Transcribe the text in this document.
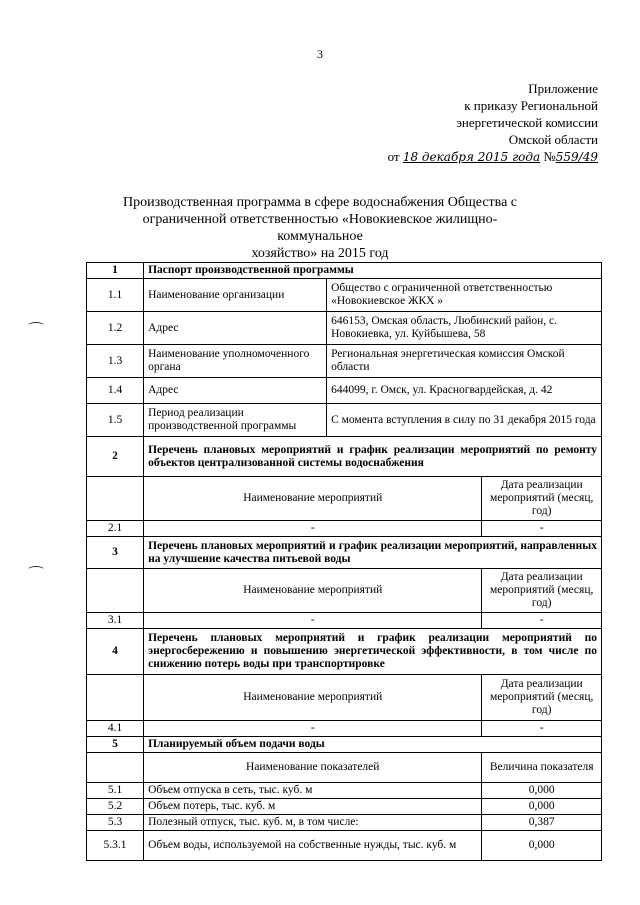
3
Приложение
к приказу Региональной
энергетической комиссии
Омской области
от 18 декабря 2015 года №559/49
Производственная программа в сфере водоснабжения Общества с
ограниченной ответственностью «Новокиевское жилищно-коммунальное
хозяйство» на 2015 год
1	Паспорт производственной программы		
1.1	Наименование организации	Общество с ограниченной ответственностью «Новокиевское ЖКХ »	
1.2	Адрес	646153, Омская область, Любинский район, с. Новокиевка, ул. Куйбышева, 58	
1.3	Наименование уполномоченного органа	Региональная энергетическая комиссия Омской области	
1.4	Адрес	644099, г. Омск, ул. Красногвардейская, д. 42	
1.5	Период реализации производственной программы	С момента вступления в силу по 31 декабря 2015 года	
2	Перечень плановых мероприятий и график реализации мероприятий по ремонту объектов централизованной системы водоснабжения		
	Наименование мероприятий		Дата реализации мероприятий (месяц, год)
2.1	-		-
3	Перечень плановых мероприятий и график реализации мероприятий, направленных на улучшение качества питьевой воды		
	Наименование мероприятий		Дата реализации мероприятий (месяц, год)
3.1	-		-
4	Перечень плановых мероприятий и график реализации мероприятий по энергосбережению и повышению энергетической эффективности, в том числе по снижению потерь воды при транспортировке		
	Наименование мероприятий		Дата реализации мероприятий (месяц, год)
4.1	-		-
5	Планируемый объем подачи воды		
	Наименование показателей		Величина показателя
5.1	Объем отпуска в сеть, тыс. куб. м		0,000
5.2	Объем потерь, тыс. куб. м		0,000
5.3	Полезный отпуск, тыс. куб. м, в том числе:		0,387
5.3.1	Объем воды, используемой на собственные нужды, тыс. куб. м		0,000
